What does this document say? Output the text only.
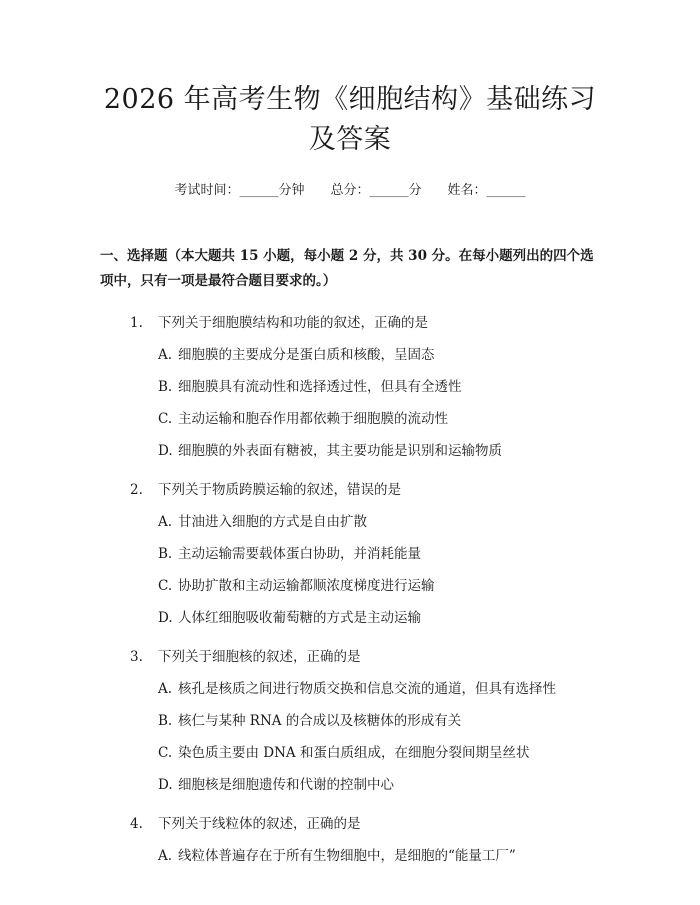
2026 年高考生物《细胞结构》基础练习及答案
考试时间：______分钟 总分：______分 姓名：______
一、选择题（本大题共 15 小题，每小题 2 分，共 30 分。在每小题列出的四个选项中，只有一项是最符合题目要求的。）
1.	下列关于细胞膜结构和功能的叙述，正确的是
A. 细胞膜的主要成分是蛋白质和核酸，呈固态
B. 细胞膜具有流动性和选择透过性，但具有全透性
C. 主动运输和胞吞作用都依赖于细胞膜的流动性
D. 细胞膜的外表面有糖被，其主要功能是识别和运输物质
2.	下列关于物质跨膜运输的叙述，错误的是
A. 甘油进入细胞的方式是自由扩散
B. 主动运输需要载体蛋白协助，并消耗能量
C. 协助扩散和主动运输都顺浓度梯度进行运输
D. 人体红细胞吸收葡萄糖的方式是主动运输
3.	下列关于细胞核的叙述，正确的是
A. 核孔是核质之间进行物质交换和信息交流的通道，但具有选择性
B. 核仁与某种 RNA 的合成以及核糖体的形成有关
C. 染色质主要由 DNA 和蛋白质组成，在细胞分裂间期呈丝状
D. 细胞核是细胞遗传和代谢的控制中心
4.	下列关于线粒体的叙述，正确的是
A. 线粒体普遍存在于所有生物细胞中，是细胞的“能量工厂”
